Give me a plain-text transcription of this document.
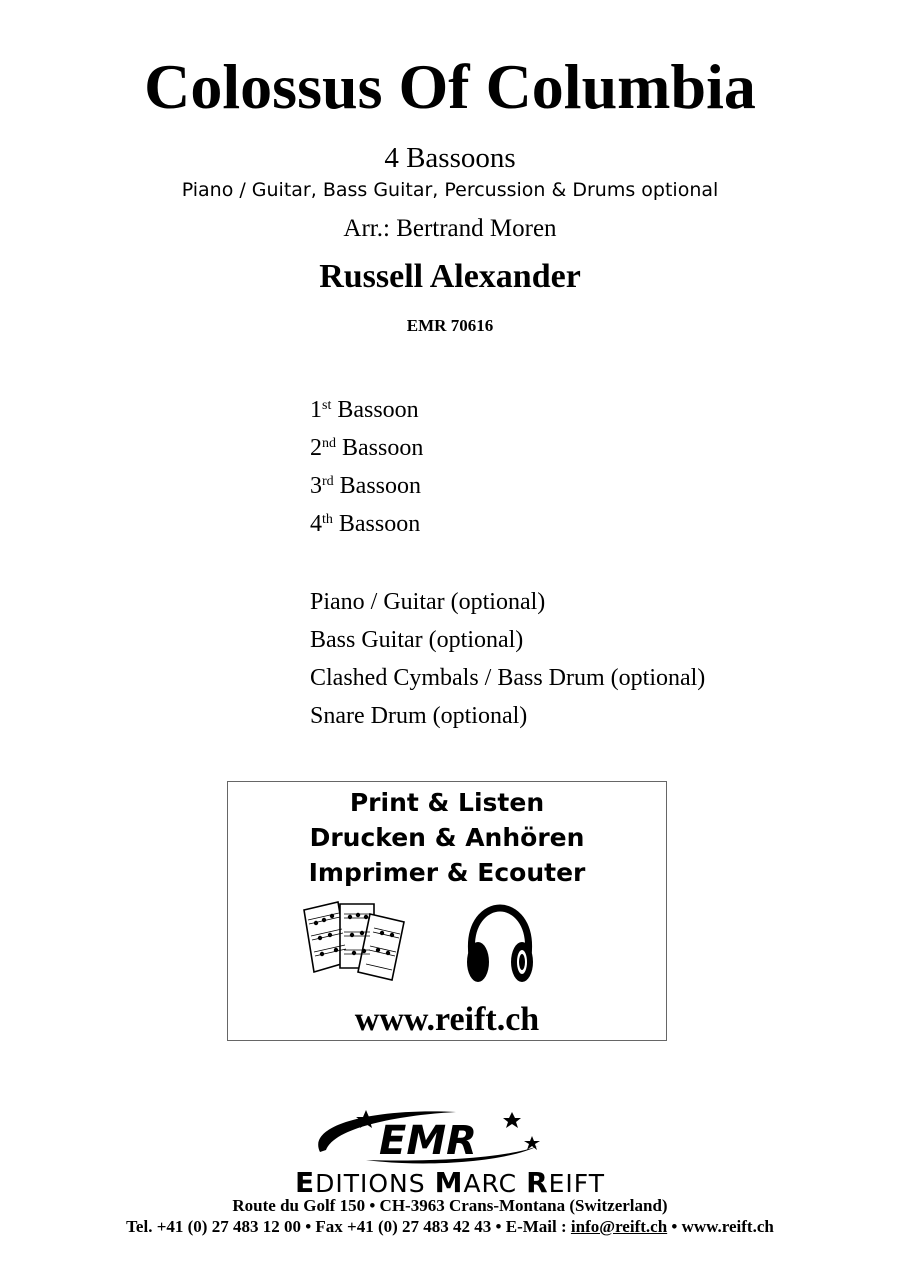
Colossus Of Columbia
4 Bassoons
Piano / Guitar, Bass Guitar, Percussion & Drums optional
Arr.: Bertrand Moren
Russell Alexander
EMR 70616
1st Bassoon
2nd Bassoon
3rd Bassoon
4th Bassoon
Piano / Guitar (optional)
Bass Guitar (optional)
Clashed Cymbals / Bass Drum (optional)
Snare Drum (optional)
Print & Listen
Drucken & Anhören
Imprimer & Ecouter
www.reift.ch
EMR
EDITIONS MARC REIFT
Route du Golf 150 • CH-3963 Crans-Montana (Switzerland)
Tel. +41 (0) 27 483 12 00 • Fax +41 (0) 27 483 42 43 • E-Mail : info@reift.ch • www.reift.ch
